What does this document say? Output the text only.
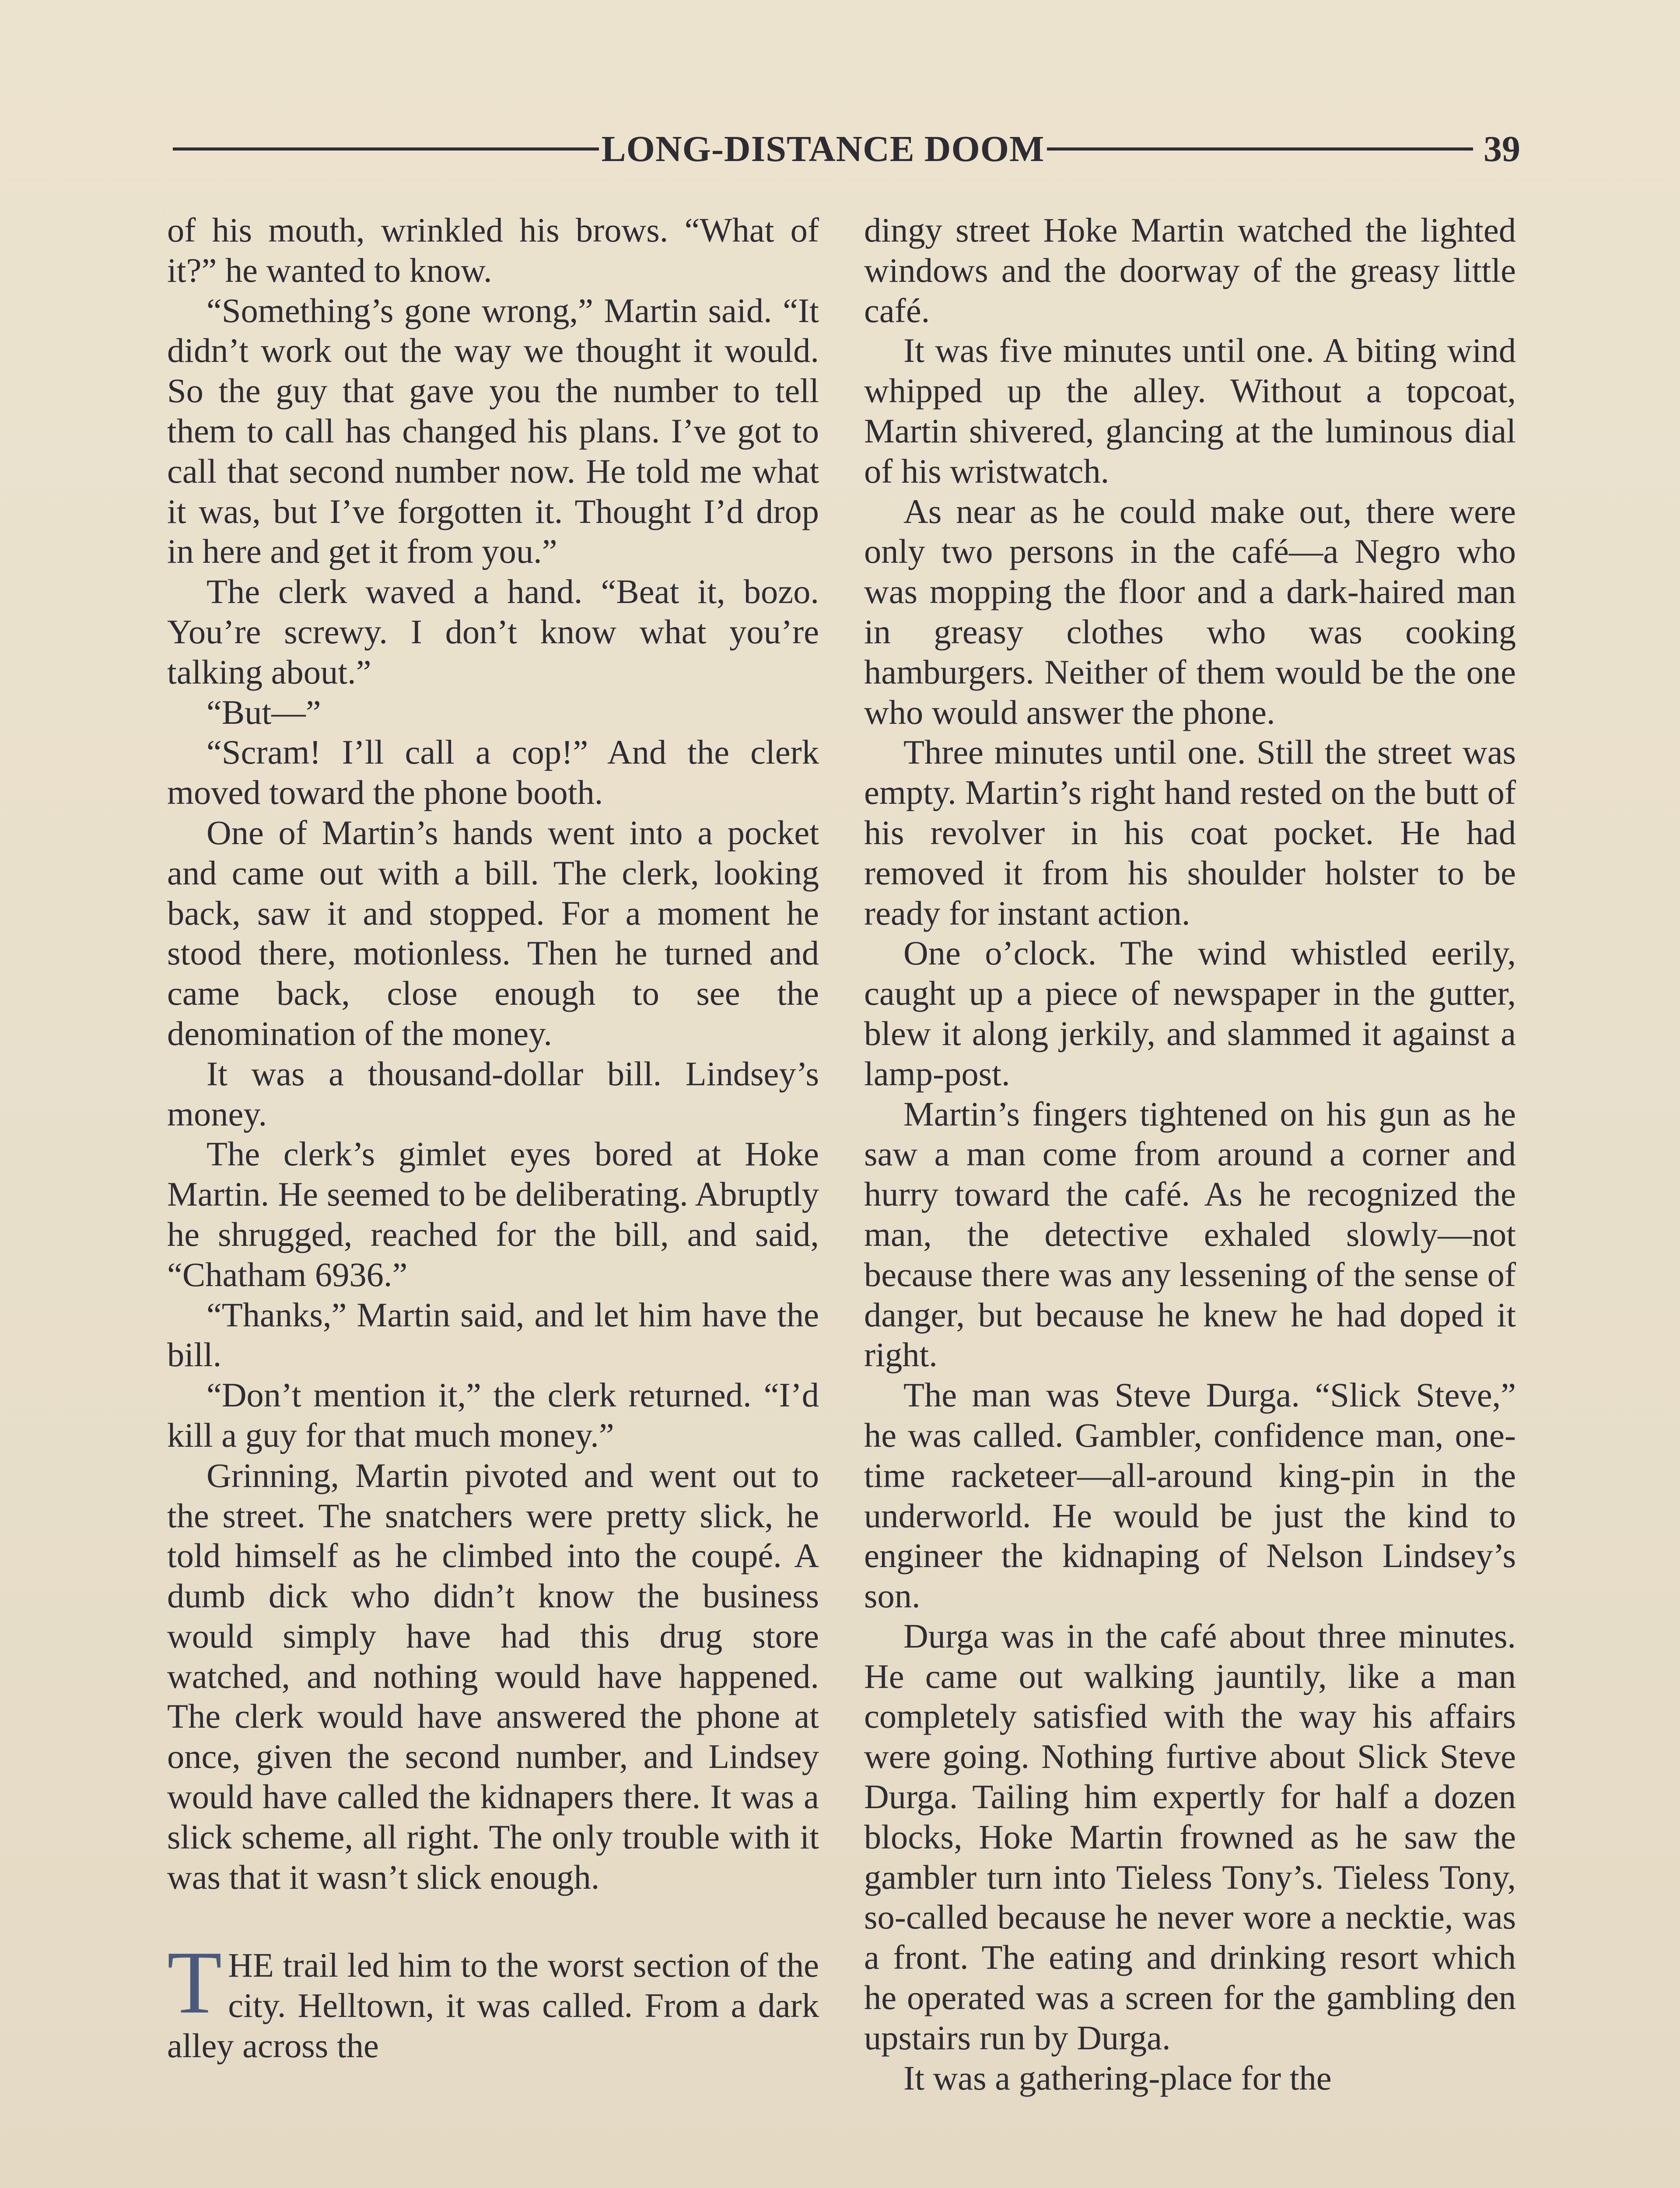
LONG-DISTANCE DOOM	39

of his mouth, wrinkled his brows. “What of it?” he wanted to know.

“Something’s gone wrong,” Martin said. “It didn’t work out the way we thought it would. So the guy that gave you the number to tell them to call has changed his plans. I’ve got to call that second number now. He told me what it was, but I’ve forgotten it. Thought I’d drop in here and get it from you.”

The clerk waved a hand. “Beat it, bozo. You’re screwy. I don’t know what you’re talking about.”

“But—”

“Scram! I’ll call a cop!” And the clerk moved toward the phone booth.

One of Martin’s hands went into a pocket and came out with a bill. The clerk, looking back, saw it and stopped. For a moment he stood there, motionless. Then he turned and came back, close enough to see the denomination of the money.

It was a thousand-dollar bill. Lindsey’s money.

The clerk’s gimlet eyes bored at Hoke Martin. He seemed to be deliberating. Abruptly he shrugged, reached for the bill, and said, “Chatham 6936.”

“Thanks,” Martin said, and let him have the bill.

“Don’t mention it,” the clerk returned. “I’d kill a guy for that much money.”

Grinning, Martin pivoted and went out to the street. The snatchers were pretty slick, he told himself as he climbed into the coupé. A dumb dick who didn’t know the business would simply have had this drug store watched, and nothing would have happened. The clerk would have answered the phone at once, given the second number, and Lindsey would have called the kidnapers there. It was a slick scheme, all right. The only trouble with it was that it wasn’t slick enough.

THE trail led him to the worst section of the city. Helltown, it was called. From a dark alley across the

dingy street Hoke Martin watched the lighted windows and the doorway of the greasy little café.

It was five minutes until one. A biting wind whipped up the alley. Without a topcoat, Martin shivered, glancing at the luminous dial of his wristwatch.

As near as he could make out, there were only two persons in the café—a Negro who was mopping the floor and a dark-haired man in greasy clothes who was cooking hamburgers. Neither of them would be the one who would answer the phone.

Three minutes until one. Still the street was empty. Martin’s right hand rested on the butt of his revolver in his coat pocket. He had removed it from his shoulder holster to be ready for instant action.

One o’clock. The wind whistled eerily, caught up a piece of newspaper in the gutter, blew it along jerkily, and slammed it against a lamp-post.

Martin’s fingers tightened on his gun as he saw a man come from around a corner and hurry toward the café. As he recognized the man, the detective exhaled slowly—not because there was any lessening of the sense of danger, but because he knew he had doped it right.

The man was Steve Durga. “Slick Steve,” he was called. Gambler, confidence man, one-time racketeer—all-around king-pin in the underworld. He would be just the kind to engineer the kidnaping of Nelson Lindsey’s son.

Durga was in the café about three minutes. He came out walking jauntily, like a man completely satisfied with the way his affairs were going. Nothing furtive about Slick Steve Durga. Tailing him expertly for half a dozen blocks, Hoke Martin frowned as he saw the gambler turn into Tieless Tony’s. Tieless Tony, so-called because he never wore a necktie, was a front. The eating and drinking resort which he operated was a screen for the gambling den upstairs run by Durga.

It was a gathering-place for the
